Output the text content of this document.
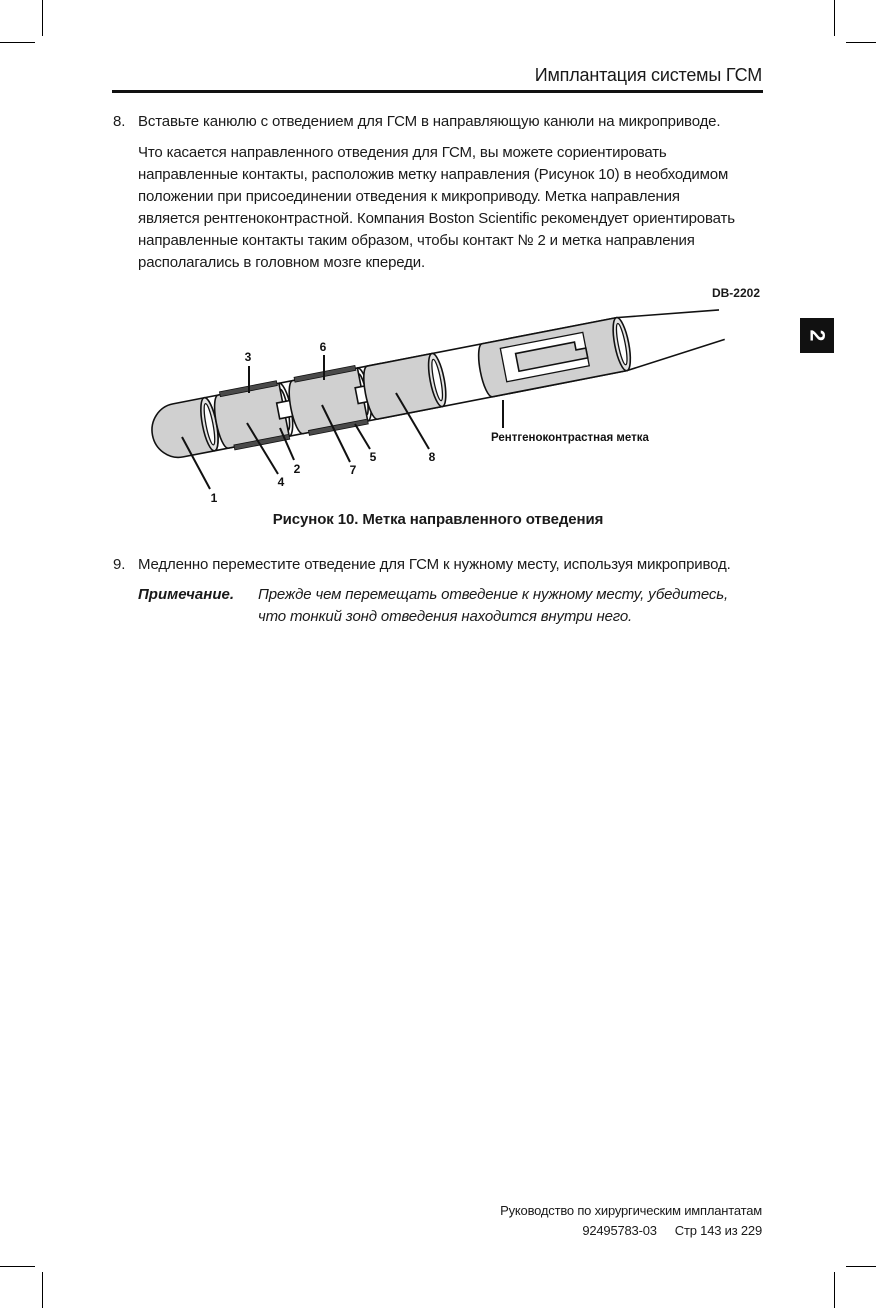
Имплантация системы ГСМ
2
8. Вставьте канюлю с отведением для ГСМ в направляющую канюли на микроприводе.
Что касается направленного отведения для ГСМ, вы можете сориентировать
направленные контакты, расположив метку направления (Рисунок 10) в необходимом
положении при присоединении отведения к микроприводу. Метка направления
является рентгеноконтрастной. Компания Boston Scientific рекомендует ориентировать
направленные контакты таким образом, чтобы контакт № 2 и метка направления
располагались в головном мозге кпереди.
DB-2202
1
2
3
4
5
6
7
8
Рентгеноконтрастная метка
Рисунок 10. Метка направленного отведения
9. Медленно переместите отведение для ГСМ к нужному месту, используя микропривод.
Примечание. Прежде чем перемещать отведение к нужному месту, убедитесь,
что тонкий зонд отведения находится внутри него.
Руководство по хирургическим имплантатам
92495783-03 Стр 143 из 229
